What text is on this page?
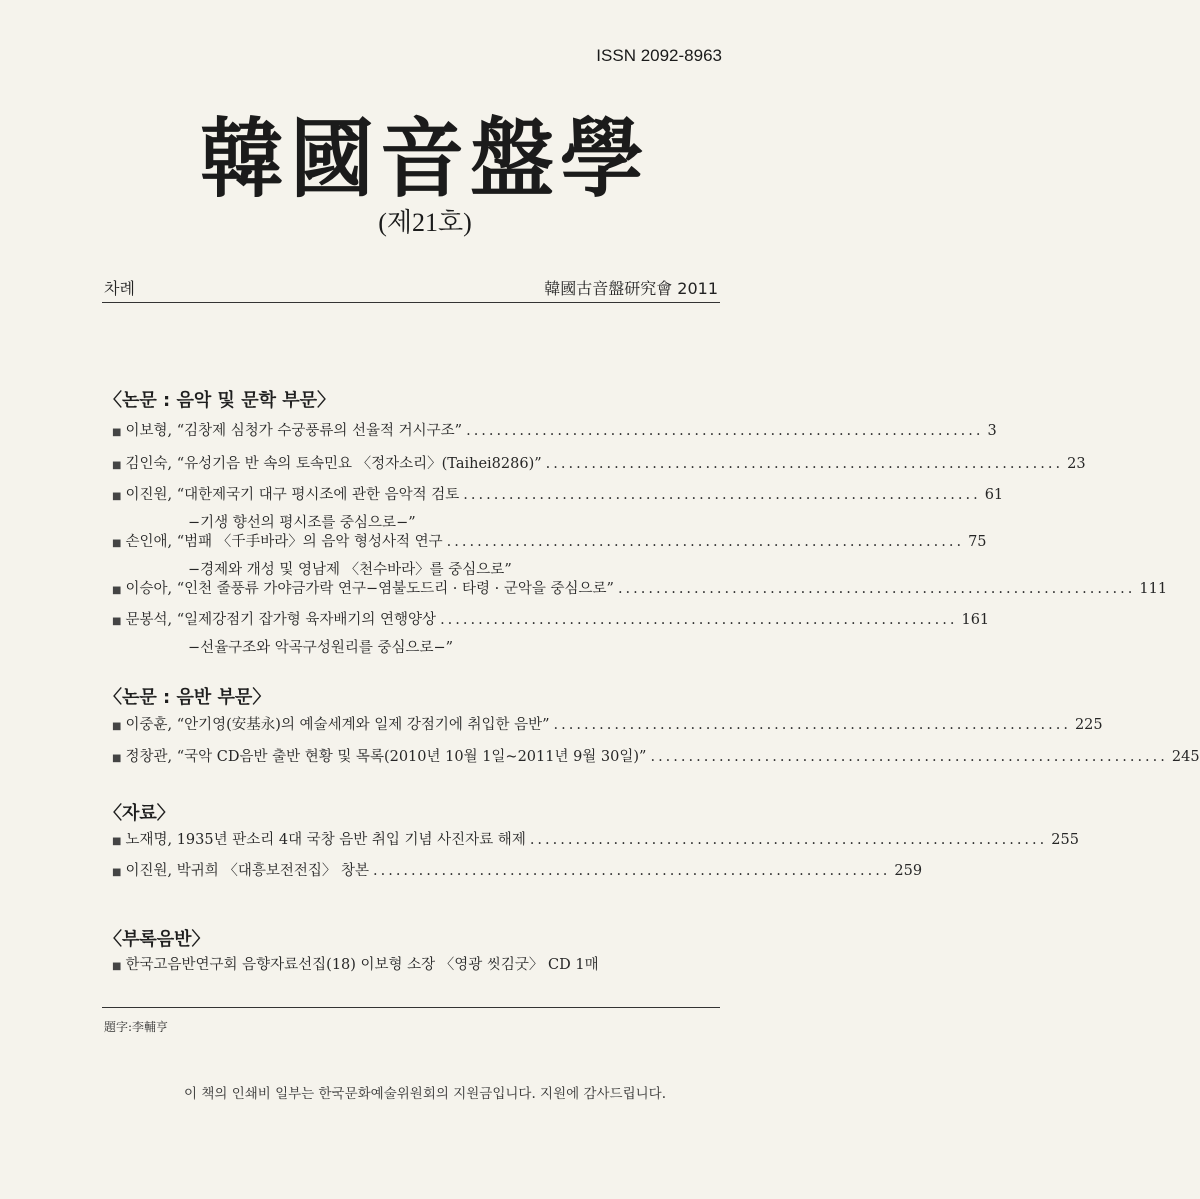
ISSN 2092-8963
韓國音盤學
(제21호)
차례	韓國古音盤研究會 2011
〈논문 : 음악 및 문학 부문〉
■ 이보형, “김창제 심청가 수궁풍류의 선율적 거시구조” .................................................................... 3
■ 김인숙, “유성기음 반 속의 토속민요 〈정자소리〉(Taihei8286)” .................................................................... 23
■ 이진원, “대한제국기 대구 평시조에 관한 음악적 검토 .................................................................... 61
−기생 향선의 평시조를 중심으로−”
■ 손인애, “범패 〈千手바라〉의 음악 형성사적 연구 .................................................................... 75
−경제와 개성 및 영남제 〈천수바라〉를 중심으로”
■ 이승아, “인천 줄풍류 가야금가락 연구−염불도드리 · 타령 · 군악을 중심으로” .................................................................... 111
■ 문봉석, “일제강점기 잡가형 육자배기의 연행양상 .................................................................... 161
−선율구조와 악곡구성원리를 중심으로−”
〈논문 : 음반 부문〉
■ 이중훈, “안기영(安基永)의 예술세계와 일제 강점기에 취입한 음반” .................................................................... 225
■ 정창관, “국악 CD음반 출반 현황 및 목록(2010년 10월 1일~2011년 9월 30일)” .................................................................... 245
〈자료〉
■ 노재명, 1935년 판소리 4대 국창 음반 취입 기념 사진자료 해제 .................................................................... 255
■ 이진원, 박귀희 〈대흥보전전집〉 창본 .................................................................... 259
〈부록음반〉
■ 한국고음반연구회 음향자료선집(18) 이보형 소장 〈영광 씻김굿〉 CD 1매
題字:李輔亨
이 책의 인쇄비 일부는 한국문화예술위원회의 지원금입니다. 지원에 감사드립니다.
